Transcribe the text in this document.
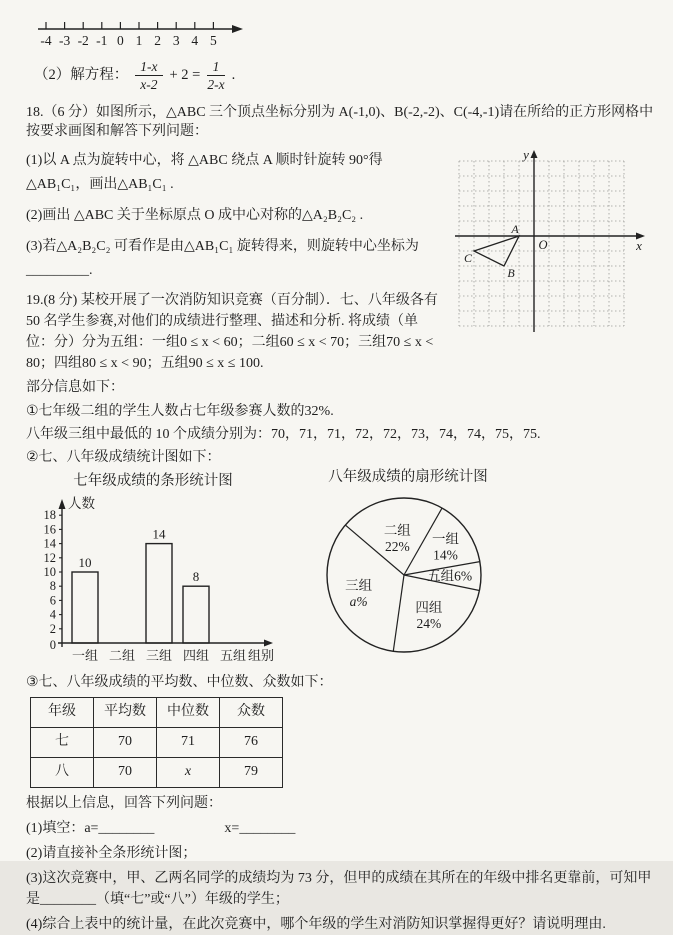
-4 -3 -2 -1 0 1 2 3 4 5
（2）解方程： $\frac{1-x}{x-2} + 2 = \frac{1}{2-x}$ .

18.（6 分）如图所示，△ABC 三个顶点坐标分别为 A(-1,0)、B(-2,-2)、C(-4,-1)请在所给的正方形网格中按要求画图和解答下列问题：

y
x
O
A
B
C

(1)以 A 点为旋转中心，将 △ABC 绕点 A 顺时针旋转 90°得△AB₁C₁，画出△AB₁C₁ .

(2)画出 △ABC 关于坐标原点 O 成中心对称的△A₂B₂C₂ .

(3)若△A₂B₂C₂ 可看作是由△AB₁C₁ 旋转得来，则旋转中心坐标为_________.

19.(8 分) 某校开展了一次消防知识竞赛（百分制）．七、八年级各有 50 名学生参赛,对他们的成绩进行整理、描述和分析. 将成绩（单位：分）分为五组：一组0 ≤ x < 60；二组60 ≤ x < 70；三组70 ≤ x < 80；四组80 ≤ x < 90；五组90 ≤ x ≤ 100.

部分信息如下：

①七年级二组的学生人数占七年级参赛人数的32%.

八年级三组中最低的 10 个成绩分别为：70，71，71，72，72，73，74，74，75，75.

②七、八年级成绩统计图如下：

七年级成绩的条形统计图
人数
0
2
4
6
8
10
12
14
16
18
一组
10
二组 三组
14
四组
8
五组 组别
八年级成绩的扇形统计图
二组
22% 一组
14%
五组6%
四组
24%
三组
a%

③七、八年级成绩的平均数、中位数、众数如下：

年级	平均数	中位数	众数
七	70	71	76
八	70	x	79

根据以上信息，回答下列问题：

(1)填空：a=________　　　　　x=________

(2)请直接补全条形统计图；

(3)这次竞赛中，甲、乙两名同学的成绩均为 73 分，但甲的成绩在其所在的年级中排名更靠前，可知甲是________（填“七”或“八”）年级的学生；

(4)综合上表中的统计量，在此次竞赛中，哪个年级的学生对消防知识掌握得更好？请说明理由.
